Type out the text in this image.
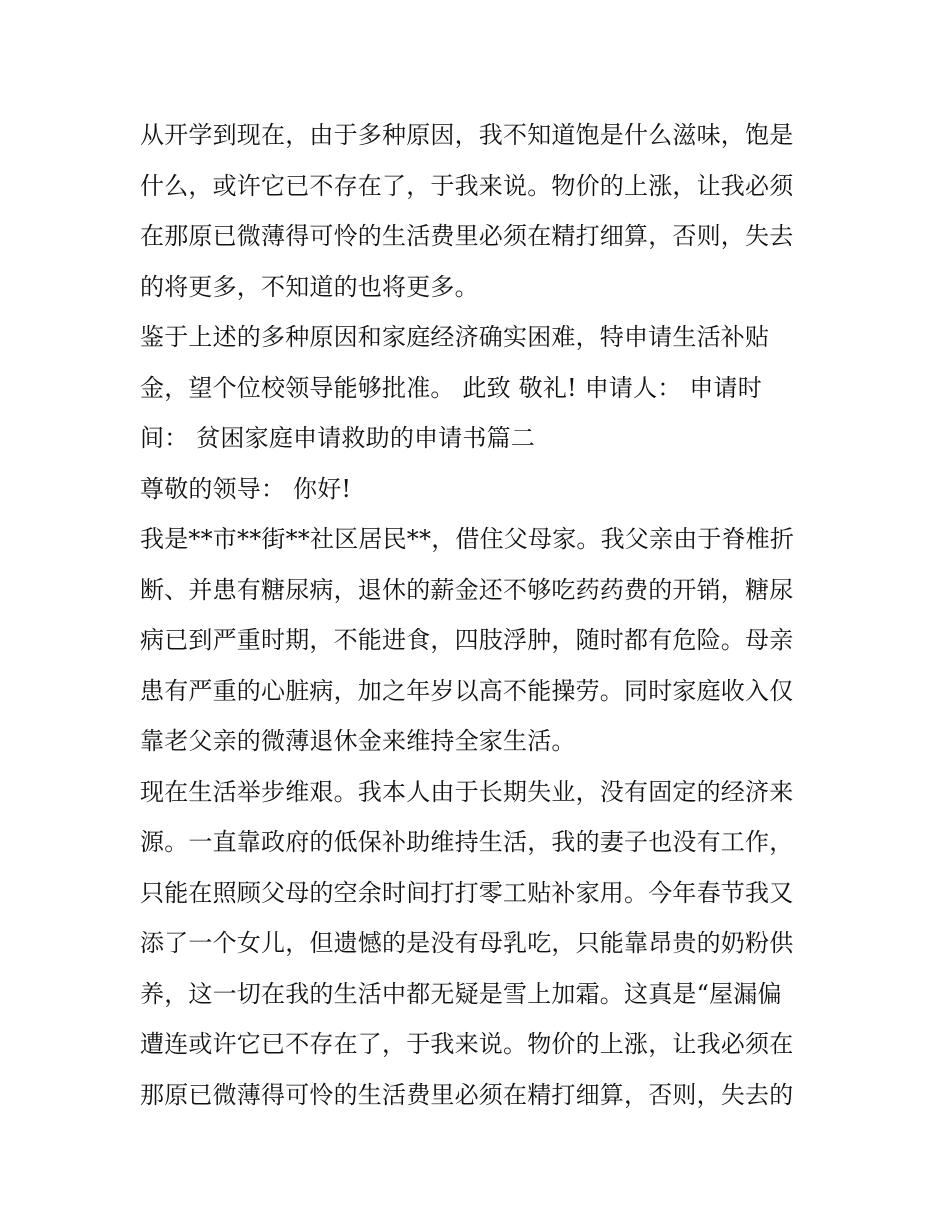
从开学到现在，由于多种原因，我不知道饱是什么滋味，饱是
什么，或许它已不存在了，于我来说。物价的上涨，让我必须
在那原已微薄得可怜的生活费里必须在精打细算，否则，失去
的将更多，不知道的也将更多。
鉴于上述的多种原因和家庭经济确实困难，特申请生活补贴
金，望个位校领导能够批准。 此致 敬礼! 申请人： 申请时
间： 贫困家庭申请救助的申请书篇二
尊敬的领导： 你好!
我是**市**街**社区居民**，借住父母家。我父亲由于脊椎折
断、并患有糖尿病，退休的薪金还不够吃药药费的开销，糖尿
病已到严重时期，不能进食，四肢浮肿，随时都有危险。母亲
患有严重的心脏病，加之年岁以高不能操劳。同时家庭收入仅
靠老父亲的微薄退休金来维持全家生活。
现在生活举步维艰。我本人由于长期失业，没有固定的经济来
源。一直靠政府的低保补助维持生活，我的妻子也没有工作，
只能在照顾父母的空余时间打打零工贴补家用。今年春节我又
添了一个女儿，但遗憾的是没有母乳吃，只能靠昂贵的奶粉供
养，这一切在我的生活中都无疑是雪上加霜。这真是“屋漏偏
遭连或许它已不存在了，于我来说。物价的上涨，让我必须在
那原已微薄得可怜的生活费里必须在精打细算，否则，失去的
